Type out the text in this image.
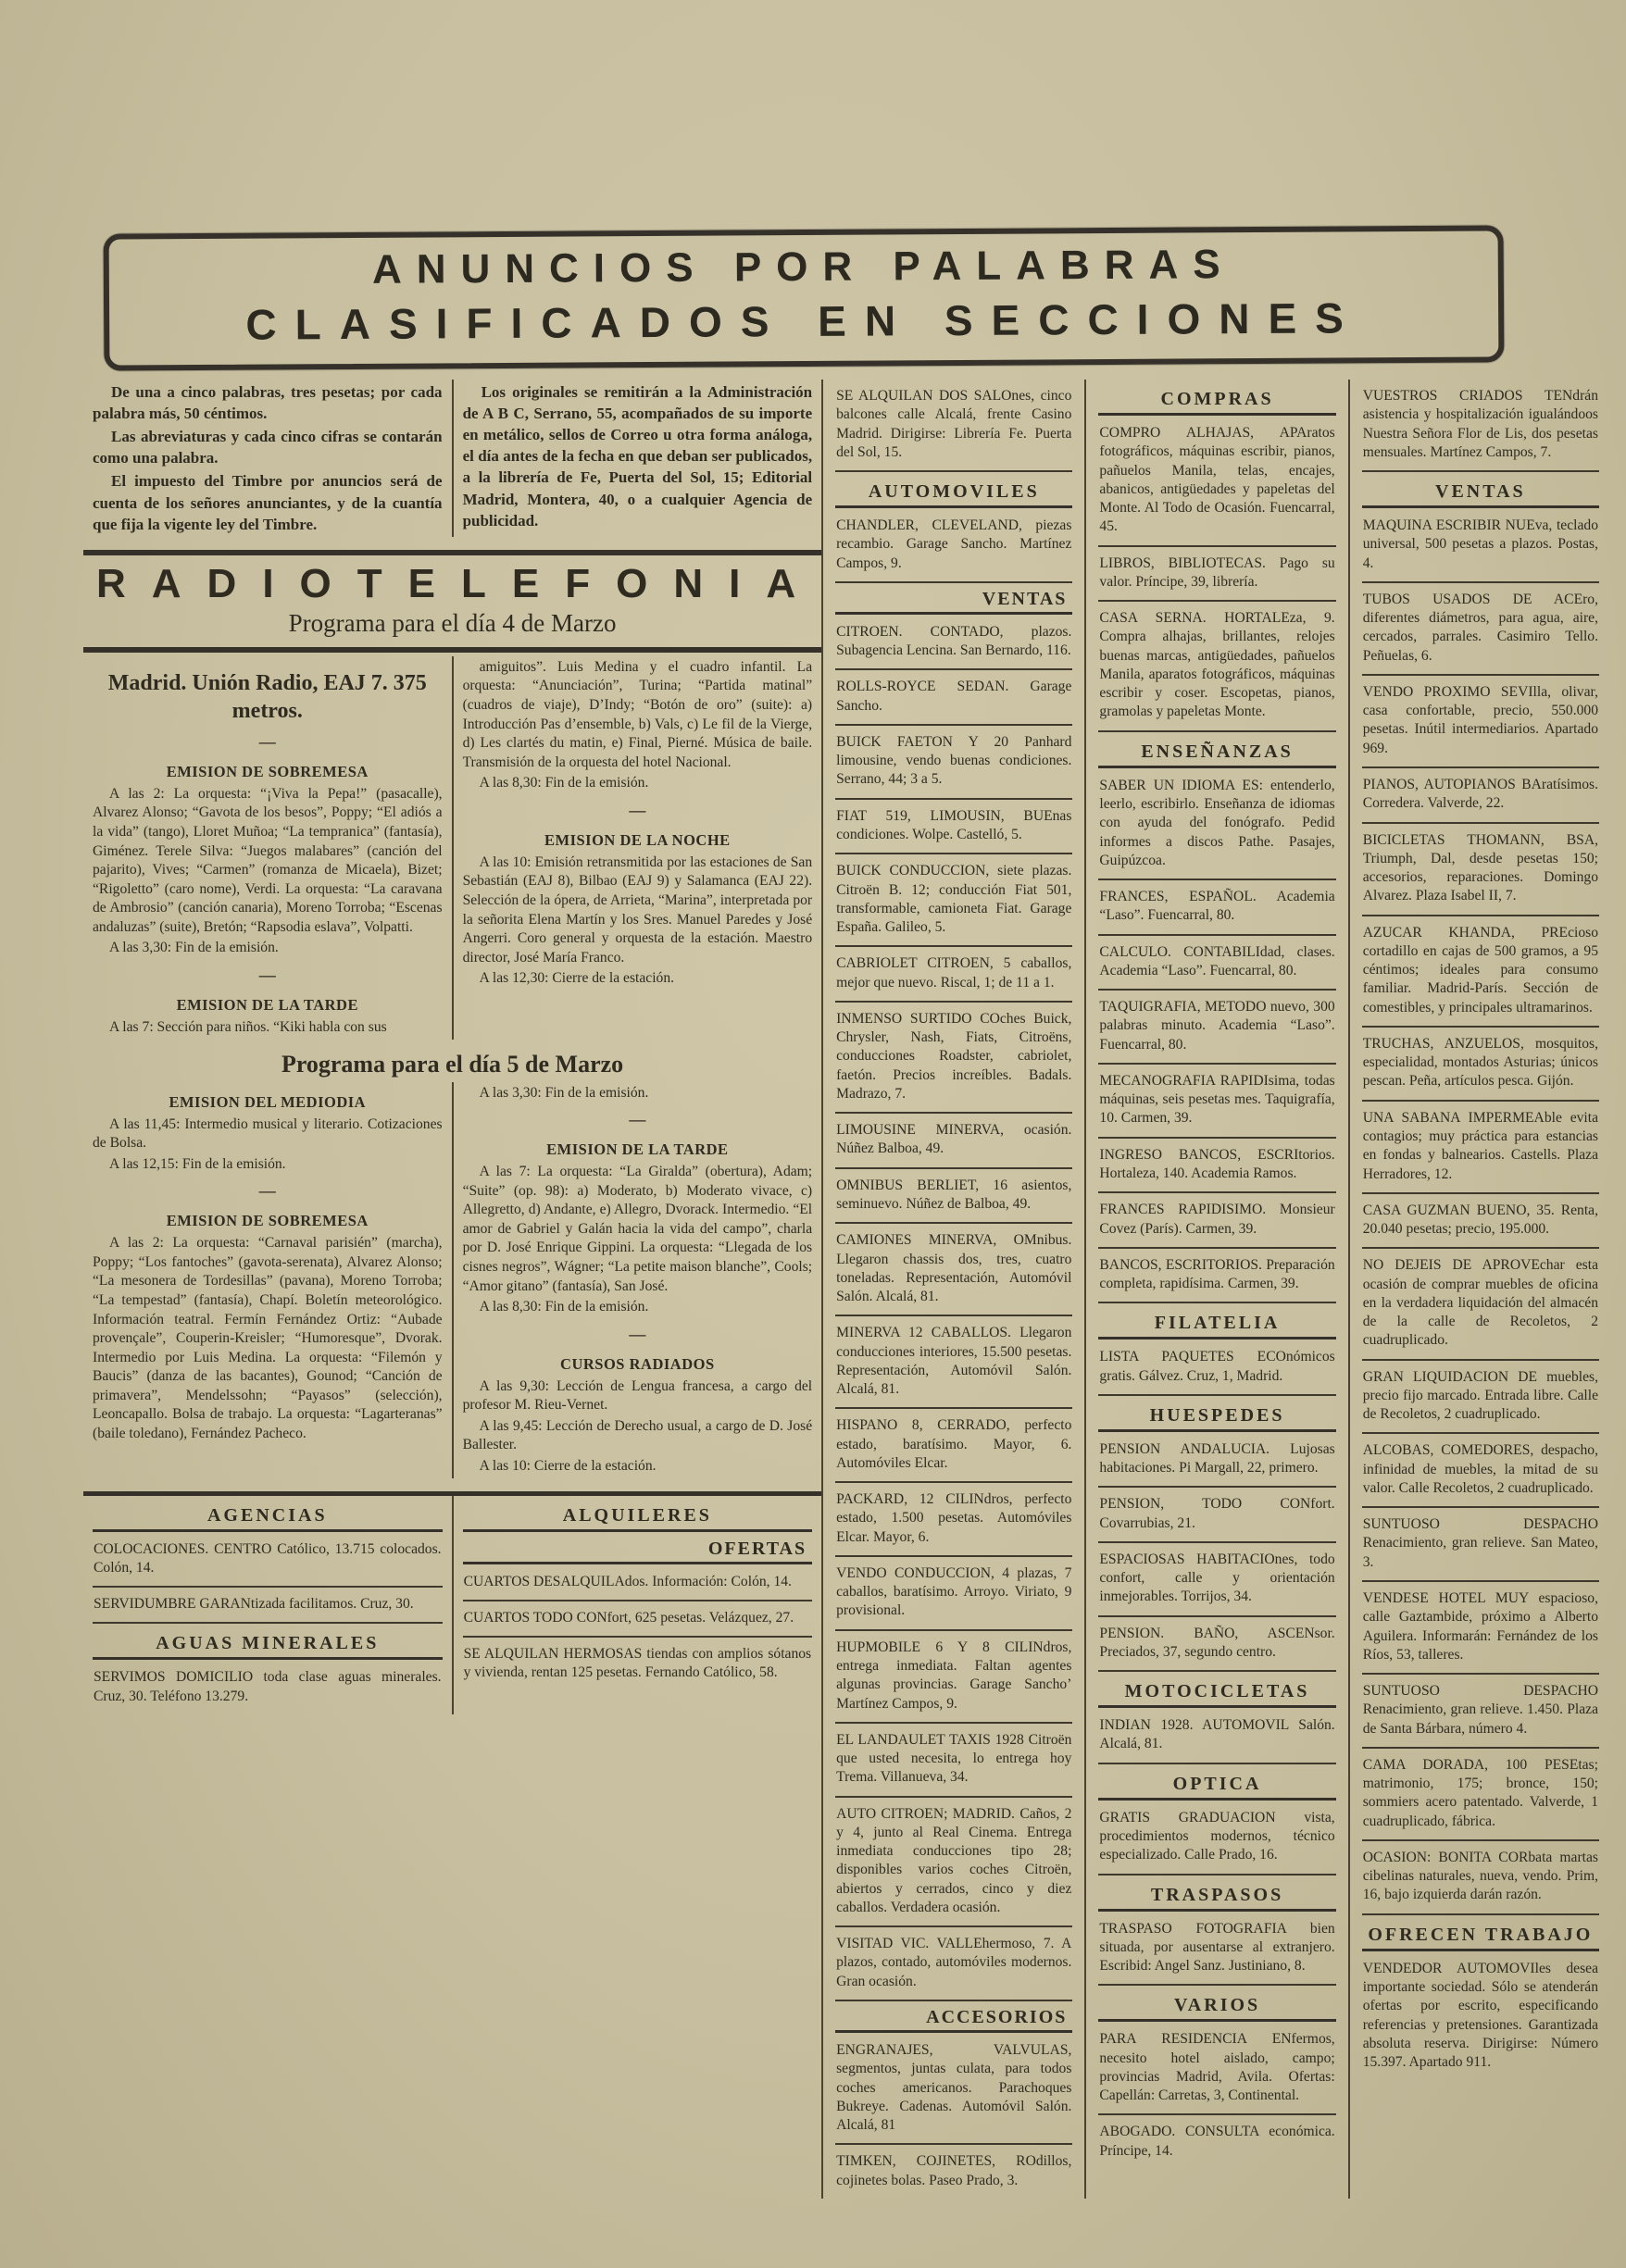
ANUNCIOS POR PALABRAS
CLASIFICADOS EN SECCIONES
De una a cinco palabras, tres pesetas; por cada palabra más, 50 céntimos.
Las abreviaturas y cada cinco cifras se contarán como una palabra.
El impuesto del Timbre por anuncios será de cuenta de los señores anunciantes, y de la cuantía que fija la vigente ley del Timbre.
Los originales se remitirán a la Administración de A B C, Serrano, 55, acompañados de su importe en metálico, sellos de Correo u otra forma análoga, el día antes de la fecha en que deban ser publicados, a la librería de Fe, Puerta del Sol, 15; Editorial Madrid, Montera, 40, o a cualquier Agencia de publicidad.
RADIOTELEFONIA
Programa para el día 4 de Marzo
Madrid. Unión Radio, EAJ 7. 375 metros.
—
EMISION DE SOBREMESA
A las 2: La orquesta: “¡Viva la Pepa!” (pasacalle), Alvarez Alonso; “Gavota de los besos”, Poppy; “El adiós a la vida” (tango), Lloret Muñoa; “La tempranica” (fantasía), Giménez. Terele Silva: “Juegos malabares” (canción del pajarito), Vives; “Carmen” (romanza de Micaela), Bizet; “Rigoletto” (caro nome), Verdi. La orquesta: “La caravana de Ambrosio” (canción canaria), Moreno Torroba; “Escenas andaluzas” (suite), Bretón; “Rapsodia eslava”, Volpatti.
A las 3,30: Fin de la emisión.
—
EMISION DE LA TARDE
A las 7: Sección para niños. “Kiki habla con sus
amiguitos”. Luis Medina y el cuadro infantil. La orquesta: “Anunciación”, Turina; “Partida matinal” (cuadros de viaje), D’Indy; “Botón de oro” (suite): a) Introducción Pas d’ensemble, b) Vals, c) Le fil de la Vierge, d) Les clartés du matin, e) Final, Pierné. Música de baile. Transmisión de la orquesta del hotel Nacional.
A las 8,30: Fin de la emisión.
—
EMISION DE LA NOCHE
A las 10: Emisión retransmitida por las estaciones de San Sebastián (EAJ 8), Bilbao (EAJ 9) y Salamanca (EAJ 22). Selección de la ópera, de Arrieta, “Marina”, interpretada por la señorita Elena Martín y los Sres. Manuel Paredes y José Angerri. Coro general y orquesta de la estación. Maestro director, José María Franco.
A las 12,30: Cierre de la estación.
Programa para el día 5 de Marzo
EMISION DEL MEDIODIA
A las 11,45: Intermedio musical y literario. Cotizaciones de Bolsa.
A las 12,15: Fin de la emisión.
—
EMISION DE SOBREMESA
A las 2: La orquesta: “Carnaval parisién” (marcha), Poppy; “Los fantoches” (gavota-serenata), Alvarez Alonso; “La mesonera de Tordesillas” (pavana), Moreno Torroba; “La tempestad” (fantasía), Chapí. Boletín meteorológico. Información teatral. Fermín Fernández Ortiz: “Aubade provençale”, Couperin-Kreisler; “Humoresque”, Dvorak. Intermedio por Luis Medina. La orquesta: “Filemón y Baucis” (danza de las bacantes), Gounod; “Canción de primavera”, Mendelssohn; “Payasos” (selección), Leoncapallo. Bolsa de trabajo. La orquesta: “Lagarteranas” (baile toledano), Fernández Pacheco.
A las 3,30: Fin de la emisión.
—
EMISION DE LA TARDE
A las 7: La orquesta: “La Giralda” (obertura), Adam; “Suite” (op. 98): a) Moderato, b) Moderato vivace, c) Allegretto, d) Andante, e) Allegro, Dvorack. Intermedio. “El amor de Gabriel y Galán hacia la vida del campo”, charla por D. José Enrique Gippini. La orquesta: “Llegada de los cisnes negros”, Wágner; “La petite maison blanche”, Cools; “Amor gitano” (fantasía), San José.
A las 8,30: Fin de la emisión.
—
CURSOS RADIADOS
A las 9,30: Lección de Lengua francesa, a cargo del profesor M. Rieu-Vernet.
A las 9,45: Lección de Derecho usual, a cargo de D. José Ballester.
A las 10: Cierre de la estación.
AGENCIAS
COLOCACIONES. CENTRO Católico, 13.715 colocados. Colón, 14.
SERVIDUMBRE GARANtizada facilitamos. Cruz, 30.
AGUAS MINERALES
SERVIMOS DOMICILIO toda clase aguas minerales. Cruz, 30. Teléfono 13.279.
ALQUILERES
OFERTAS
CUARTOS DESALQUILAdos. Información: Colón, 14.
CUARTOS TODO CONfort, 625 pesetas. Velázquez, 27.
SE ALQUILAN HERMOSAS tiendas con amplios sótanos y vivienda, rentan 125 pesetas. Fernando Católico, 58.
SE ALQUILAN DOS SALOnes, cinco balcones calle Alcalá, frente Casino Madrid. Dirigirse: Librería Fe. Puerta del Sol, 15.
AUTOMOVILES
CHANDLER, CLEVELAND, piezas recambio. Garage Sancho. Martínez Campos, 9.
VENTAS
CITROEN. CONTADO, plazos. Subagencia Lencina. San Bernardo, 116.
ROLLS-ROYCE SEDAN. Garage Sancho.
BUICK FAETON Y 20 Panhard limousine, vendo buenas condiciones. Serrano, 44; 3 a 5.
FIAT 519, LIMOUSIN, BUEnas condiciones. Wolpe. Castelló, 5.
BUICK CONDUCCION, siete plazas. Citroën B. 12; conducción Fiat 501, transformable, camioneta Fiat. Garage España. Galileo, 5.
CABRIOLET CITROEN, 5 caballos, mejor que nuevo. Riscal, 1; de 11 a 1.
INMENSO SURTIDO COches Buick, Chrysler, Nash, Fiats, Citroëns, conducciones Roadster, cabriolet, faetón. Precios increíbles. Badals. Madrazo, 7.
LIMOUSINE MINERVA, ocasión. Núñez Balboa, 49.
OMNIBUS BERLIET, 16 asientos, seminuevo. Núñez de Balboa, 49.
CAMIONES MINERVA, OMnibus. Llegaron chassis dos, tres, cuatro toneladas. Representación, Automóvil Salón. Alcalá, 81.
MINERVA 12 CABALLOS. Llegaron conducciones interiores, 15.500 pesetas. Representación, Automóvil Salón. Alcalá, 81.
HISPANO 8, CERRADO, perfecto estado, baratísimo. Mayor, 6. Automóviles Elcar.
PACKARD, 12 CILINdros, perfecto estado, 1.500 pesetas. Automóviles Elcar. Mayor, 6.
VENDO CONDUCCION, 4 plazas, 7 caballos, baratísimo. Arroyo. Viriato, 9 provisional.
HUPMOBILE 6 Y 8 CILINdros, entrega inmediata. Faltan agentes algunas provincias. Garage Sancho’ Martínez Campos, 9.
EL LANDAULET TAXIS 1928 Citroën que usted necesita, lo entrega hoy Trema. Villanueva, 34.
AUTO CITROEN; MADRID. Caños, 2 y 4, junto al Real Cinema. Entrega inmediata conducciones tipo 28; disponibles varios coches Citroën, abiertos y cerrados, cinco y diez caballos. Verdadera ocasión.
VISITAD VIC. VALLEhermoso, 7. A plazos, contado, automóviles modernos. Gran ocasión.
ACCESORIOS
ENGRANAJES, VALVULAS, segmentos, juntas culata, para todos coches americanos. Parachoques Bukreye. Cadenas. Automóvil Salón. Alcalá, 81
TIMKEN, COJINETES, ROdillos, cojinetes bolas. Paseo Prado, 3.
COMPRAS
COMPRO ALHAJAS, APAratos fotográficos, máquinas escribir, pianos, pañuelos Manila, telas, encajes, abanicos, antigüedades y papeletas del Monte. Al Todo de Ocasión. Fuencarral, 45.
LIBROS, BIBLIOTECAS. Pago su valor. Príncipe, 39, librería.
CASA SERNA. HORTALEza, 9. Compra alhajas, brillantes, relojes buenas marcas, antigüedades, pañuelos Manila, aparatos fotográficos, máquinas escribir y coser. Escopetas, pianos, gramolas y papeletas Monte.
ENSEÑANZAS
SABER UN IDIOMA ES: entenderlo, leerlo, escribirlo. Enseñanza de idiomas con ayuda del fonógrafo. Pedid informes a discos Pathe. Pasajes, Guipúzcoa.
FRANCES, ESPAÑOL. Academia “Laso”. Fuencarral, 80.
CALCULO. CONTABILIdad, clases. Academia “Laso”. Fuencarral, 80.
TAQUIGRAFIA, METODO nuevo, 300 palabras minuto. Academia “Laso”. Fuencarral, 80.
MECANOGRAFIA RAPIDIsima, todas máquinas, seis pesetas mes. Taquigrafía, 10. Carmen, 39.
INGRESO BANCOS, ESCRItorios. Hortaleza, 140. Academia Ramos.
FRANCES RAPIDISIMO. Monsieur Covez (París). Carmen, 39.
BANCOS, ESCRITORIOS. Preparación completa, rapidísima. Carmen, 39.
FILATELIA
LISTA PAQUETES ECOnómicos gratis. Gálvez. Cruz, 1, Madrid.
HUESPEDES
PENSION ANDALUCIA. Lujosas habitaciones. Pi Margall, 22, primero.
PENSION, TODO CONfort. Covarrubias, 21.
ESPACIOSAS HABITACIOnes, todo confort, calle y orientación inmejorables. Torrijos, 34.
PENSION. BAÑO, ASCENsor. Preciados, 37, segundo centro.
MOTOCICLETAS
INDIAN 1928. AUTOMOVIL Salón. Alcalá, 81.
OPTICA
GRATIS GRADUACION vista, procedimientos modernos, técnico especializado. Calle Prado, 16.
TRASPASOS
TRASPASO FOTOGRAFIA bien situada, por ausentarse al extranjero. Escribid: Angel Sanz. Justiniano, 8.
VARIOS
PARA RESIDENCIA ENfermos, necesito hotel aislado, campo; provincias Madrid, Avila. Ofertas: Capellán: Carretas, 3, Continental.
ABOGADO. CONSULTA económica. Príncipe, 14.
VUESTROS CRIADOS TENdrán asistencia y hospitalización igualándoos Nuestra Señora Flor de Lis, dos pesetas mensuales. Martínez Campos, 7.
VENTAS
MAQUINA ESCRIBIR NUEva, teclado universal, 500 pesetas a plazos. Postas, 4.
TUBOS USADOS DE ACEro, diferentes diámetros, para agua, aire, cercados, parrales. Casimiro Tello. Peñuelas, 6.
VENDO PROXIMO SEVIlla, olivar, casa confortable, precio, 550.000 pesetas. Inútil intermediarios. Apartado 969.
PIANOS, AUTOPIANOS BAratísimos. Corredera. Valverde, 22.
BICICLETAS THOMANN, BSA, Triumph, Dal, desde pesetas 150; accesorios, reparaciones. Domingo Alvarez. Plaza Isabel II, 7.
AZUCAR KHANDA, PREcioso cortadillo en cajas de 500 gramos, a 95 céntimos; ideales para consumo familiar. Madrid-París. Sección de comestibles, y principales ultramarinos.
TRUCHAS, ANZUELOS, mosquitos, especialidad, montados Asturias; únicos pescan. Peña, artículos pesca. Gijón.
UNA SABANA IMPERMEAble evita contagios; muy práctica para estancias en fondas y balnearios. Castells. Plaza Herradores, 12.
CASA GUZMAN BUENO, 35. Renta, 20.040 pesetas; precio, 195.000.
NO DEJEIS DE APROVEchar esta ocasión de comprar muebles de oficina en la verdadera liquidación del almacén de la calle de Recoletos, 2 cuadruplicado.
GRAN LIQUIDACION DE muebles, precio fijo marcado. Entrada libre. Calle de Recoletos, 2 cuadruplicado.
ALCOBAS, COMEDORES, despacho, infinidad de muebles, la mitad de su valor. Calle Recoletos, 2 cuadruplicado.
SUNTUOSO DESPACHO Renacimiento, gran relieve. San Mateo, 3.
VENDESE HOTEL MUY espacioso, calle Gaztambide, próximo a Alberto Aguilera. Informarán: Fernández de los Ríos, 53, talleres.
SUNTUOSO DESPACHO Renacimiento, gran relieve. 1.450. Plaza de Santa Bárbara, número 4.
CAMA DORADA, 100 PESEtas; matrimonio, 175; bronce, 150; sommiers acero patentado. Valverde, 1 cuadruplicado, fábrica.
OCASION: BONITA CORbata martas cibelinas naturales, nueva, vendo. Prim, 16, bajo izquierda darán razón.
OFRECEN TRABAJO
VENDEDOR AUTOMOVIles desea importante sociedad. Sólo se atenderán ofertas por escrito, especificando referencias y pretensiones. Garantizada absoluta reserva. Dirigirse: Número 15.397. Apartado 911.
